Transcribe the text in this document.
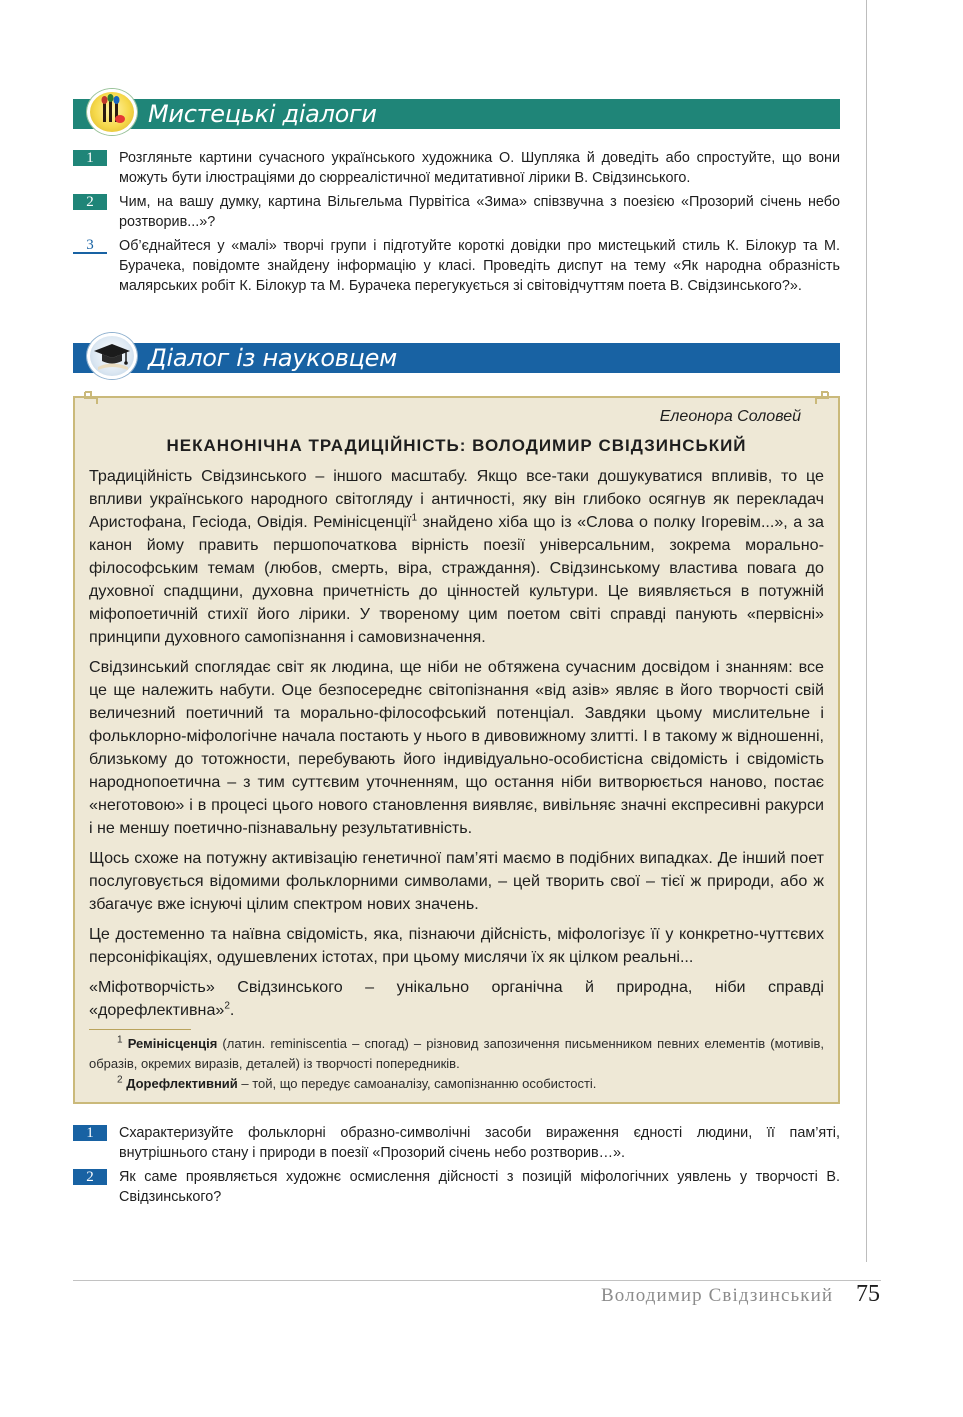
Мистецькі діалоги
1	Розгляньте картини сучасного українського художника О. Шупляка й доведіть або спростуйте, що вони можуть бути ілюстраціями до сюрреалістичної медитативної лірики В. Свідзинського.
2	Чим, на вашу думку, картина Вільгельма Пурвітіса «Зима» співзвучна з поезією «Прозорий січень небо розтворив...»?
3	Об’єднайтеся у «малі» творчі групи і підготуйте короткі довідки про мистецький стиль К. Білокур та М. Бурачека, повідомте знайдену інформацію у класі. Проведіть диспут на тему «Як народна образність малярських робіт К. Білокур та М. Бурачека перегукується зі світовідчуттям поета В. Свідзинського?».
Діалог із науковцем
Елеонора Соловей
НЕКАНОНІЧНА ТРАДИЦІЙНІСТЬ: ВОЛОДИМИР СВІДЗИНСЬКИЙ

Традиційність Свідзинського – іншого масштабу. Якщо все-таки дошукуватися впливів, то це впливи українського народного світогляду і античності, яку він глибоко осягнув як перекладач Аристофана, Гесіода, Овідія. Ремінісценції$^1$ знайдено хіба що із «Слова о полку Ігоревім...», а за канон йому править першопочаткова вірність поезії універсальним, зокрема морально-філософським темам (любов, смерть, віра, страждання). Свідзинському властива повага до духовної спадщини, духовна причетність до цінностей культури. Це виявляється в потужній міфопоетичній стихії його лірики. У твореному цим поетом світі справді панують «первісні» принципи духовного самопізнання і самовизначення.

Свідзинський споглядає світ як людина, ще ніби не обтяжена сучасним досвідом і знанням: все це ще належить набути. Оце безпосереднє світопізнання «від азів» являє в його творчості свій величезний поетичний та морально-філософський потенціал. Завдяки цьому мислительне і фольклорно-міфологічне начала постають у нього в дивовижному злитті. І в такому ж відношенні, близькому до тотожности, перебувають його індивідуально-особистісна свідомість і свідомість народнопоетична – з тим суттєвим уточненням, що остання ніби витворюється наново, постає «неготовою» і в процесі цього нового становлення виявляє, вивільняє значні експресивні ракурси і не меншу поетично-пізнавальну результативність.

Щось схоже на потужну активізацію генетичної пам’яті маємо в подібних випадках. Де інший поет послуговується відомими фольклорними символами, – цей творить свої – тієї ж природи, або ж збагачує вже існуючі цілим спектром нових значень.

Це достеменно та наївна свідомість, яка, пізнаючи дійсність, міфологізує її у конкретно-чуттєвих персоніфікаціях, одушевлених істотах, при цьому мислячи їх як цілком реальні...

«Міфотворчість» Свідзинського – унікально органічна й природна, ніби справді «дорефлективна»$^2$.

$^1$ Ремінісценція (латин. reminiscentia – спогад) – різновид запозичення письменником певних елементів (мотивів, образів, окремих виразів, деталей) із творчості попередників.
$^2$ Дорефлективний – той, що передує самоаналізу, самопізнанню особистості.
1	Схарактеризуйте фольклорні образно-символічні засоби вираження єдності людини, її пам’яті, внутрішнього стану і природи в поезії «Прозорий січень небо розтворив…».
2	Як саме проявляється художнє осмислення дійсності з позицій міфологічних уявлень у творчості В. Свідзинського?
Володимир Свідзинський 75
